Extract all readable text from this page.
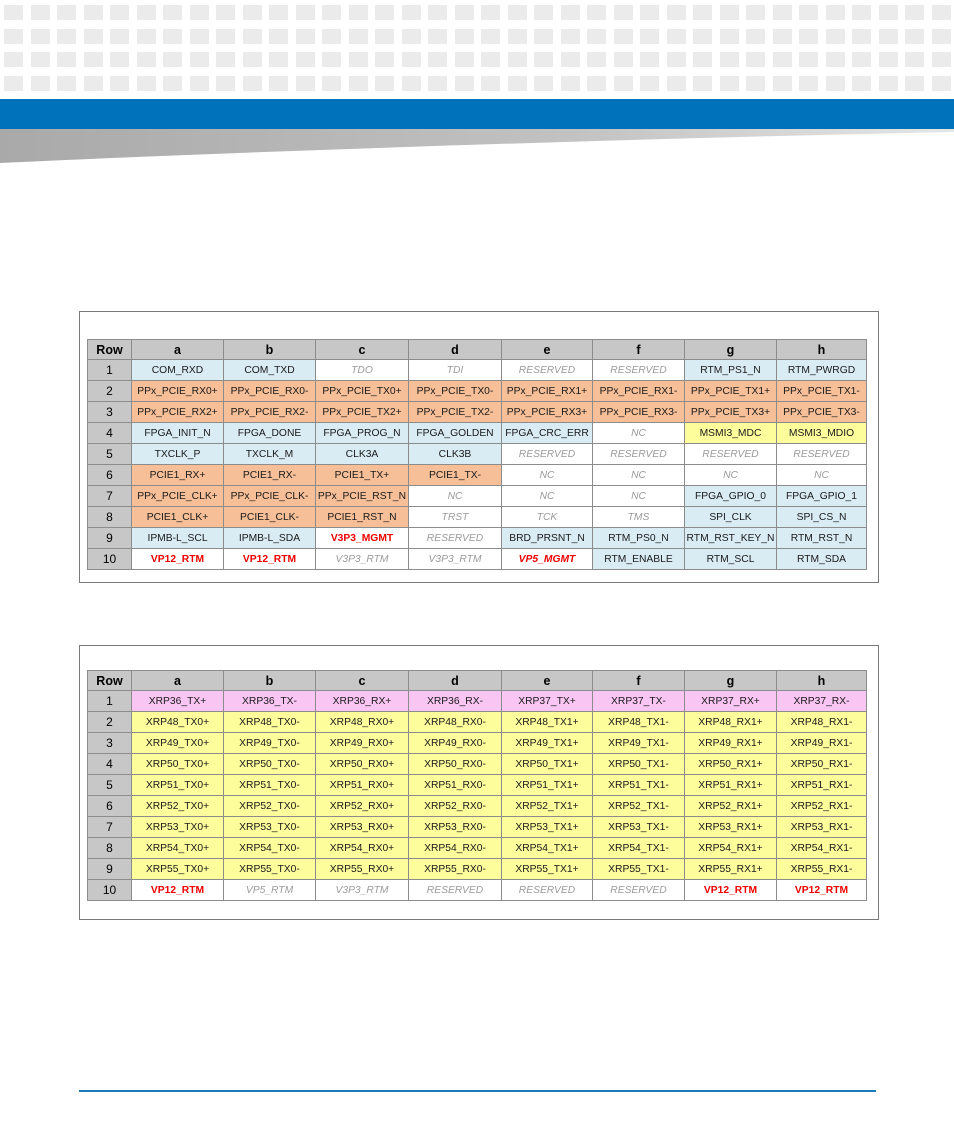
Row	a	b	c	d	e	f	g	h
1	COM_RXD	COM_TXD	TDO	TDI	RESERVED	RESERVED	RTM_PS1_N	RTM_PWRGD
2	PPx_PCIE_RX0+	PPx_PCIE_RX0-	PPx_PCIE_TX0+	PPx_PCIE_TX0-	PPx_PCIE_RX1+	PPx_PCIE_RX1-	PPx_PCIE_TX1+	PPx_PCIE_TX1-
3	PPx_PCIE_RX2+	PPx_PCIE_RX2-	PPx_PCIE_TX2+	PPx_PCIE_TX2-	PPx_PCIE_RX3+	PPx_PCIE_RX3-	PPx_PCIE_TX3+	PPx_PCIE_TX3-
4	FPGA_INIT_N	FPGA_DONE	FPGA_PROG_N	FPGA_GOLDEN	FPGA_CRC_ERR	NC	MSMI3_MDC	MSMI3_MDIO
5	TXCLK_P	TXCLK_M	CLK3A	CLK3B	RESERVED	RESERVED	RESERVED	RESERVED
6	PCIE1_RX+	PCIE1_RX-	PCIE1_TX+	PCIE1_TX-	NC	NC	NC	NC
7	PPx_PCIE_CLK+	PPx_PCIE_CLK-	PPx_PCIE_RST_N	NC	NC	NC	FPGA_GPIO_0	FPGA_GPIO_1
8	PCIE1_CLK+	PCIE1_CLK-	PCIE1_RST_N	TRST	TCK	TMS	SPI_CLK	SPI_CS_N
9	IPMB-L_SCL	IPMB-L_SDA	V3P3_MGMT	RESERVED	BRD_PRSNT_N	RTM_PS0_N	RTM_RST_KEY_N	RTM_RST_N
10	VP12_RTM	VP12_RTM	V3P3_RTM	V3P3_RTM	VP5_MGMT	RTM_ENABLE	RTM_SCL	RTM_SDA
Row	a	b	c	d	e	f	g	h
1	XRP36_TX+	XRP36_TX-	XRP36_RX+	XRP36_RX-	XRP37_TX+	XRP37_TX-	XRP37_RX+	XRP37_RX-
2	XRP48_TX0+	XRP48_TX0-	XRP48_RX0+	XRP48_RX0-	XRP48_TX1+	XRP48_TX1-	XRP48_RX1+	XRP48_RX1-
3	XRP49_TX0+	XRP49_TX0-	XRP49_RX0+	XRP49_RX0-	XRP49_TX1+	XRP49_TX1-	XRP49_RX1+	XRP49_RX1-
4	XRP50_TX0+	XRP50_TX0-	XRP50_RX0+	XRP50_RX0-	XRP50_TX1+	XRP50_TX1-	XRP50_RX1+	XRP50_RX1-
5	XRP51_TX0+	XRP51_TX0-	XRP51_RX0+	XRP51_RX0-	XRP51_TX1+	XRP51_TX1-	XRP51_RX1+	XRP51_RX1-
6	XRP52_TX0+	XRP52_TX0-	XRP52_RX0+	XRP52_RX0-	XRP52_TX1+	XRP52_TX1-	XRP52_RX1+	XRP52_RX1-
7	XRP53_TX0+	XRP53_TX0-	XRP53_RX0+	XRP53_RX0-	XRP53_TX1+	XRP53_TX1-	XRP53_RX1+	XRP53_RX1-
8	XRP54_TX0+	XRP54_TX0-	XRP54_RX0+	XRP54_RX0-	XRP54_TX1+	XRP54_TX1-	XRP54_RX1+	XRP54_RX1-
9	XRP55_TX0+	XRP55_TX0-	XRP55_RX0+	XRP55_RX0-	XRP55_TX1+	XRP55_TX1-	XRP55_RX1+	XRP55_RX1-
10	VP12_RTM	VP5_RTM	V3P3_RTM	RESERVED	RESERVED	RESERVED	VP12_RTM	VP12_RTM
